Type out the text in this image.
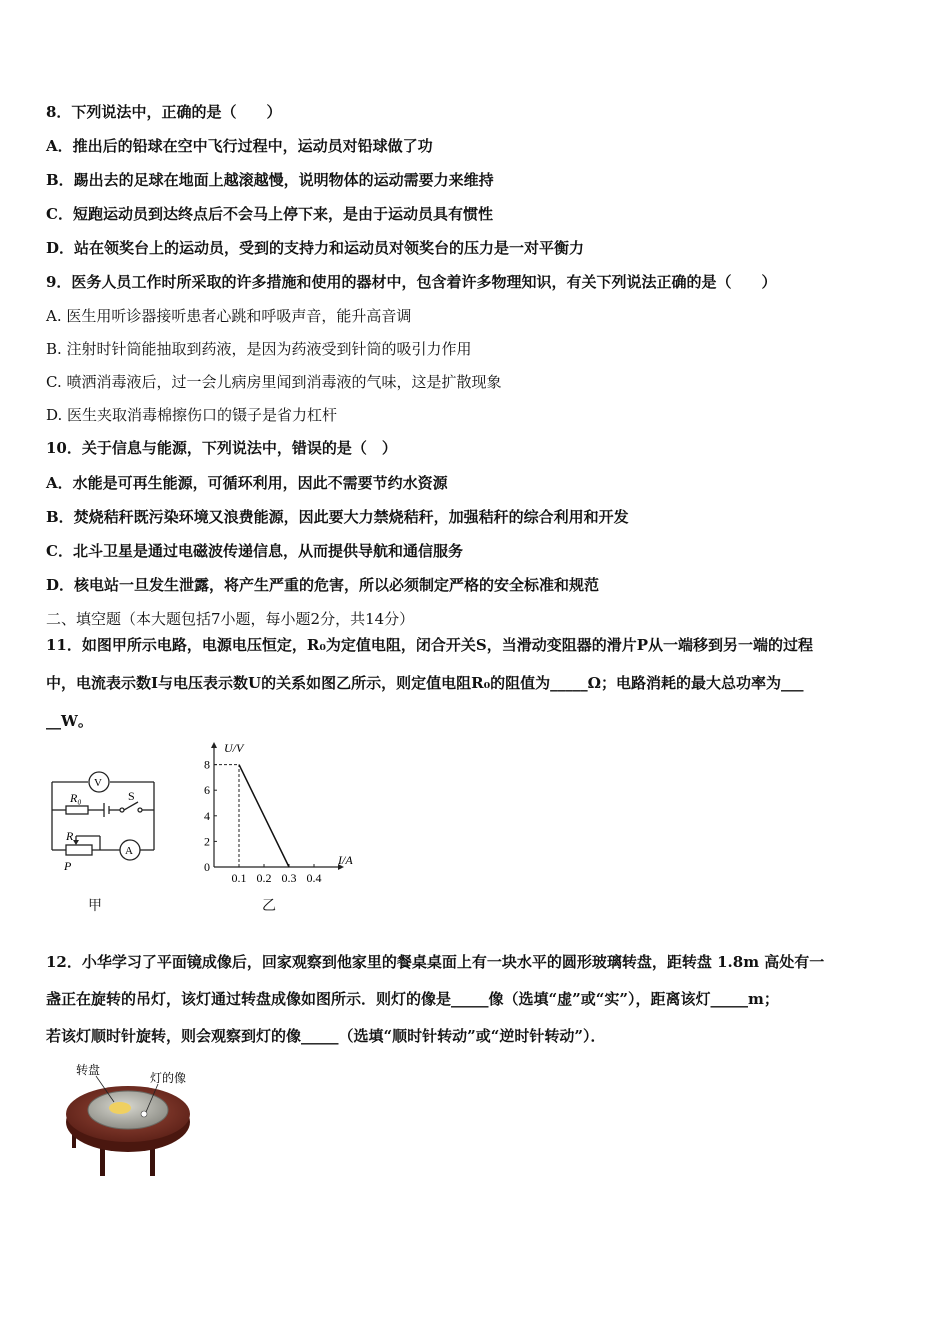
8．下列说法中，正确的是（　　）
A．推出后的铅球在空中飞行过程中，运动员对铅球做了功
B．踢出去的足球在地面上越滚越慢，说明物体的运动需要力来维持
C．短跑运动员到达终点后不会马上停下来，是由于运动员具有惯性
D．站在领奖台上的运动员，受到的支持力和运动员对领奖台的压力是一对平衡力
9．医务人员工作时所采取的许多措施和使用的器材中，包含着许多物理知识，有关下列说法正确的是（　　）
A. 医生用听诊器接听患者心跳和呼吸声音，能升高音调
B. 注射时针筒能抽取到药液，是因为药液受到针筒的吸引力作用
C. 喷洒消毒液后，过一会儿病房里闻到消毒液的气味，这是扩散现象
D. 医生夹取消毒棉擦伤口的镊子是省力杠杆
10．关于信息与能源，下列说法中，错误的是（　）
A．水能是可再生能源，可循环利用，因此不需要节约水资源
B．焚烧秸秆既污染环境又浪费能源，因此要大力禁烧秸秆，加强秸秆的综合利用和开发
C．北斗卫星是通过电磁波传递信息，从而提供导航和通信服务
D．核电站一旦发生泄露，将产生严重的危害，所以必须制定严格的安全标准和规范
二、填空题（本大题包括7小题，每小题2分，共14分）
11．如图甲所示电路，电源电压恒定，R₀为定值电阻，闭合开关S，当滑动变阻器的滑片P从一端移到另一端的过程
中，电流表示数I与电压表示数U的关系如图乙所示，则定值电阻R₀的阻值为_____Ω；电路消耗的最大总功率为___
__W。
V
A
R₀	S
R
P
甲
U/V
I/A
0
2
4
6
8
0.1 0.2 0.3 0.4
乙
12．小华学习了平面镜成像后，回家观察到他家里的餐桌桌面上有一块水平的圆形玻璃转盘，距转盘 1.8m 高处有一
盏正在旋转的吊灯，该灯通过转盘成像如图所示．则灯的像是_____像（选填“虚”或“实”），距离该灯_____m；
若该灯顺时针旋转，则会观察到灯的像_____（选填“顺时针转动”或“逆时针转动”）．
转盘
灯的像
